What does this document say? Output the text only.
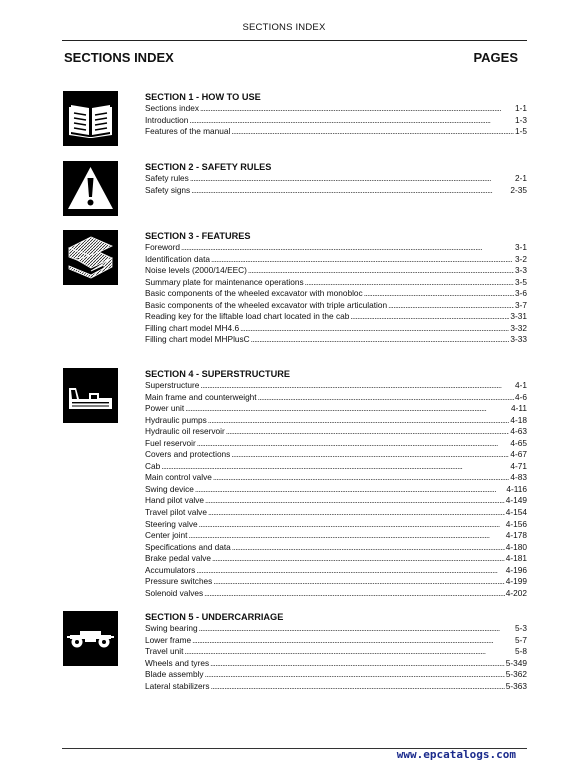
SECTIONS INDEX
SECTIONS INDEX	PAGES
SECTION 1 - HOW TO USE
Sections index . . .	1-1
Introduction . . .	1-3
Features of the manual . . .	1-5
SECTION 2 - SAFETY RULES
Safety rules . . .	2-1
Safety signs . . .	2-35
SECTION 3 - FEATURES
Foreword . . .	3-1
Identification data . . .	3-2
Noise levels (2000/14/EEC) . . .	3-3
Summary plate for maintenance operations . . .	3-5
Basic components of the wheeled excavator with monobloc . . .	3-6
Basic components of the wheeled excavator with triple articulation . . .	3-7
Reading key for the liftable load chart located in the cab . . .	3-31
Filling chart model MH4.6 . . .	3-32
Filling chart model MHPlusC . . .	3-33
SECTION 4 - SUPERSTRUCTURE
Superstructure . . .	4-1
Main frame and counterweight . . .	4-6
Power unit . . .	4-11
Hydraulic pumps . . .	4-18
Hydraulic oil reservoir . . .	4-63
Fuel reservoir . . .	4-65
Covers and protections . . .	4-67
Cab . . .	4-71
Main control valve . . .	4-83
Swing device . . .	4-116
Hand pilot valve . . .	4-149
Travel pilot valve . . .	4-154
Steering valve . . .	4-156
Center joint . . .	4-178
Specifications and data . . .	4-180
Brake pedal valve . . .	4-181
Accumulators . . .	4-196
Pressure switches . . .	4-199
Solenoid valves . . .	4-202
SECTION 5 - UNDERCARRIAGE
Swing bearing . . .	5-3
Lower frame . . .	5-7
Travel unit . . .	5-8
Wheels and tyres . . .	5-349
Blade assembly . . .	5-362
Lateral stabilizers . . .	5-363
www.epcatalogs.com
